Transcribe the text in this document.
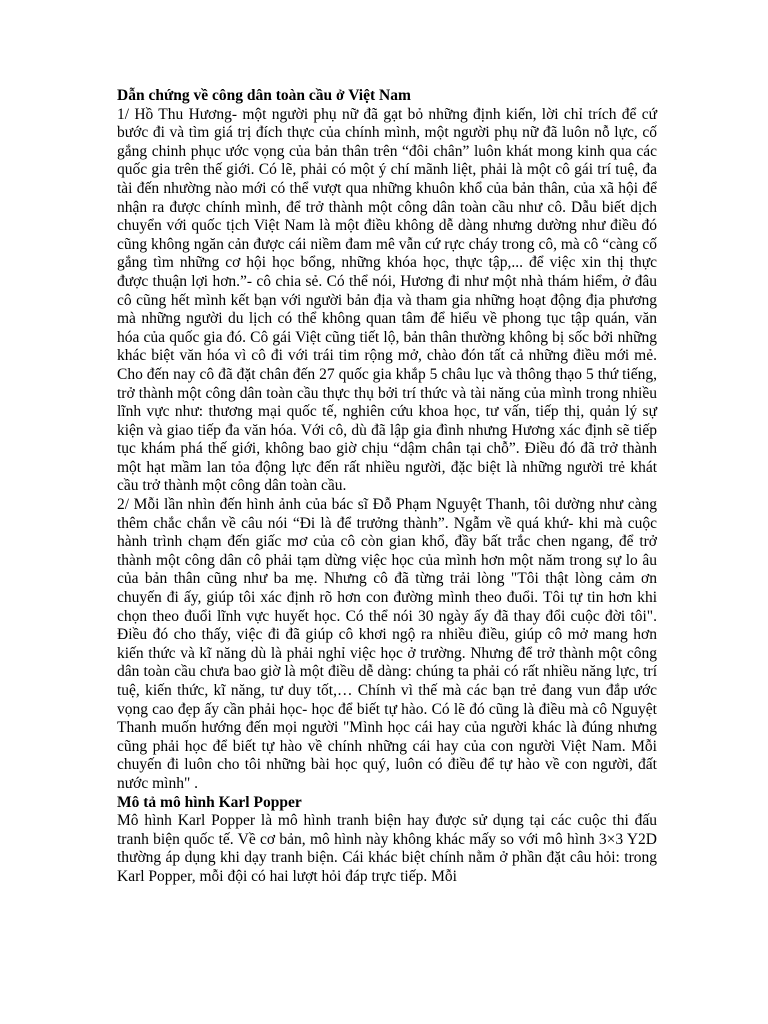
Dẫn chứng về công dân toàn cầu ở Việt Nam

1/ Hồ Thu Hương- một người phụ nữ đã gạt bỏ những định kiến, lời chỉ trích để cứ bước đi và tìm giá trị đích thực của chính mình, một người phụ nữ đã luôn nỗ lực, cố gắng chinh phục ước vọng của bản thân trên “đôi chân” luôn khát mong kinh qua các quốc gia trên thế giới. Có lẽ, phải có một ý chí mãnh liệt, phải là một cô gái trí tuệ, đa tài đến nhường nào mới có thể vượt qua những khuôn khổ của bản thân, của xã hội để nhận ra được chính mình, để trở thành một công dân toàn cầu như cô. Dẫu biết dịch chuyển với quốc tịch Việt Nam là một điều không dễ dàng nhưng dường như điều đó cũng không ngăn cản được cái niềm đam mê vẫn cứ rực cháy trong cô, mà cô “càng cố gắng tìm những cơ hội học bổng, những khóa học, thực tập,... để việc xin thị thực được thuận lợi hơn.”- cô chia sẻ. Có thể nói, Hương đi như một nhà thám hiểm, ở đâu cô cũng hết mình kết bạn với người bản địa và tham gia những hoạt động địa phương mà những người du lịch có thể không quan tâm để hiểu về phong tục tập quán, văn hóa của quốc gia đó. Cô gái Việt cũng tiết lộ, bản thân thường không bị sốc bởi những khác biệt văn hóa vì cô đi với trái tim rộng mở, chào đón tất cả những điều mới mẻ. Cho đến nay cô đã đặt chân đến 27 quốc gia khắp 5 châu lục và thông thạo 5 thứ tiếng, trở thành một công dân toàn cầu thực thụ bởi trí thức và tài năng của mình trong nhiều lĩnh vực như: thương mại quốc tế, nghiên cứu khoa học, tư vấn, tiếp thị, quản lý sự kiện và giao tiếp đa văn hóa. Với cô, dù đã lập gia đình nhưng Hương xác định sẽ tiếp tục khám phá thế giới, không bao giờ chịu “dậm chân tại chỗ”. Điều đó đã trở thành một hạt mầm lan tỏa động lực đến rất nhiều người, đặc biệt là những người trẻ khát cầu trở thành một công dân toàn cầu.

2/ Mỗi lần nhìn đến hình ảnh của bác sĩ Đỗ Phạm Nguyệt Thanh, tôi dường như càng thêm chắc chắn về câu nói “Đi là để trưởng thành”. Ngẫm về quá khứ- khi mà cuộc hành trình chạm đến giấc mơ của cô còn gian khổ, đầy bất trắc chen ngang, để trở thành một công dân cô phải tạm dừng việc học của mình hơn một năm trong sự lo âu của bản thân cũng như ba mẹ. Nhưng cô đã từng trải lòng "Tôi thật lòng cảm ơn chuyến đi ấy, giúp tôi xác định rõ hơn con đường mình theo đuổi. Tôi tự tin hơn khi chọn theo đuổi lĩnh vực huyết học. Có thể nói 30 ngày ấy đã thay đổi cuộc đời tôi". Điều đó cho thấy, việc đi đã giúp cô khơi ngộ ra nhiều điều, giúp cô mở mang hơn kiến thức và kĩ năng dù là phải nghỉ việc học ở trường. Nhưng để trở thành một công dân toàn cầu chưa bao giờ là một điều dễ dàng: chúng ta phải có rất nhiều năng lực, trí tuệ, kiến thức, kĩ năng, tư duy tốt,… Chính vì thế mà các bạn trẻ đang vun đắp ước vọng cao đẹp ấy cần phải học- học để biết tự hào. Có lẽ đó cũng là điều mà cô Nguyệt Thanh muốn hướng đến mọi người "Mình học cái hay của người khác là đúng nhưng cũng phải học để biết tự hào về chính những cái hay của con người Việt Nam. Mỗi chuyến đi luôn cho tôi những bài học quý, luôn có điều để tự hào về con người, đất nước mình" .

Mô tả mô hình Karl Popper

Mô hình Karl Popper là mô hình tranh biện hay được sử dụng tại các cuộc thi đấu tranh biện quốc tế. Về cơ bản, mô hình này không khác mấy so với mô hình 3×3 Y2D thường áp dụng khi dạy tranh biện. Cái khác biệt chính nằm ở phần đặt câu hỏi: trong Karl Popper, mỗi đội có hai lượt hỏi đáp trực tiếp. Mỗi
